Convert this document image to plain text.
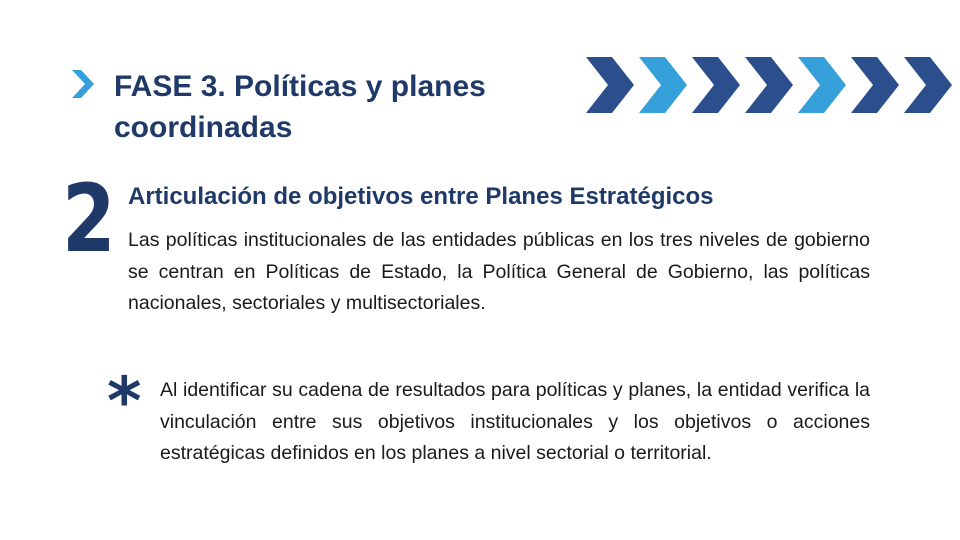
FASE 3. Políticas y planes
coordinadas
2 Articulación de objetivos entre Planes Estratégicos

Las políticas institucionales de las entidades públicas en los tres niveles de gobierno se centran en Políticas de Estado, la Política General de Gobierno, las políticas nacionales, sectoriales y multisectoriales.

* Al identificar su cadena de resultados para políticas y planes, la entidad verifica la vinculación entre sus objetivos institucionales y los objetivos o acciones estratégicas definidos en los planes a nivel sectorial o territorial.
